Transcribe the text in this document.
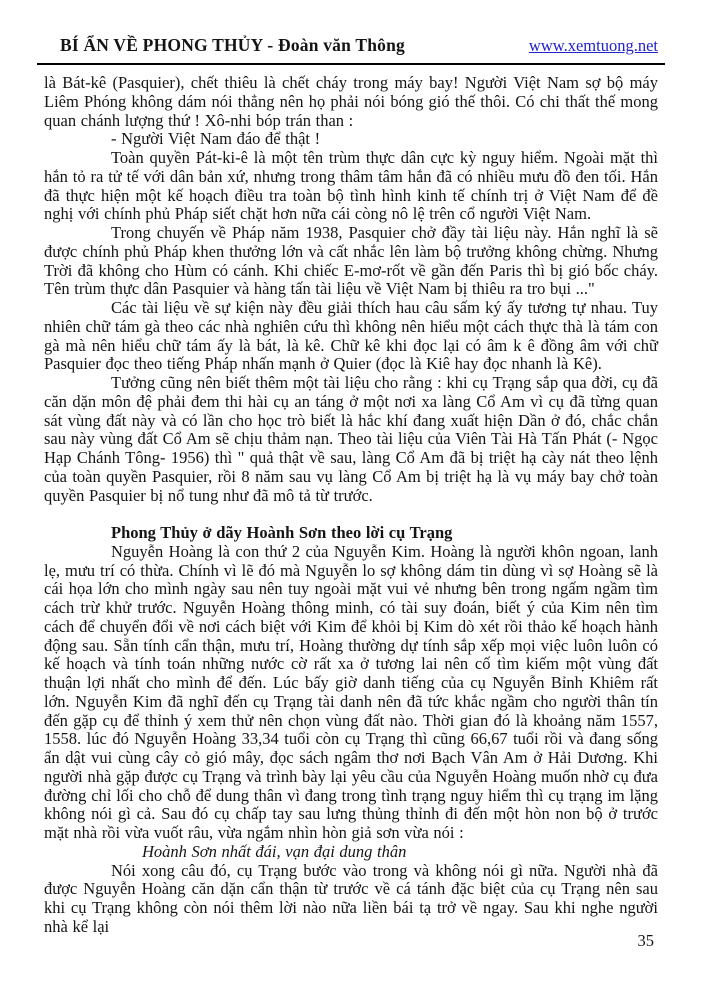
BÍ ẨN VỀ PHONG THỦY - Đoàn văn Thông	www.xemtuong.net

là Bát-kê (Pasquier), chết thiêu là chết cháy trong máy bay! Người Việt Nam sợ bộ máy Liêm Phóng không dám nói thẳng nên họ phải nói bóng gió thế thôi. Có chi thất thế mong quan chánh lượng thứ ! Xô-nhi bóp trán than :

- Người Việt Nam đáo để thật !

Toàn quyền Pát-ki-ê là một tên trùm thực dân cực kỳ nguy hiểm. Ngoài mặt thì hắn tỏ ra tử tế với dân bản xứ, nhưng trong thâm tâm hắn đã có nhiều mưu đồ đen tối. Hắn đã thực hiện một kế hoạch điều tra toàn bộ tình hình kinh tế chính trị ở Việt Nam để đề nghị với chính phủ Pháp siết chặt hơn nữa cái còng nô lệ trên cổ người Việt Nam.

Trong chuyến về Pháp năm 1938, Pasquier chở đầy tài liệu này. Hắn nghĩ là sẽ được chính phủ Pháp khen thưởng lớn và cất nhắc lên làm bộ trưởng không chừng. Nhưng Trời đã không cho Hùm có cánh. Khi chiếc E-mơ-rốt về gần đến Paris thì bị gió bốc cháy. Tên trùm thực dân Pasquier và hàng tấn tài liệu về Việt Nam bị thiêu ra tro bụi ..."

Các tài liệu về sự kiện này đều giải thích hau câu sấm ký ấy tương tự nhau. Tuy nhiên chữ tám gà theo các nhà nghiên cứu thì không nên hiểu một cách thực thà là tám con gà mà nên hiểu chữ tám ấy là bát, là kê. Chữ kê khi đọc lại có âm k ê đồng âm với chữ Pasquier đọc theo tiếng Pháp nhấn mạnh ở Quier (đọc là Kiê hay đọc nhanh là Kê).

Tưởng cũng nên biết thêm một tài liệu cho rằng : khi cụ Trạng sắp qua đời, cụ đã căn dặn môn đệ phải đem thi hài cụ an táng ở một nơi xa làng Cổ Am vì cụ đã từng quan sát vùng đất này và có lần cho học trò biết là hắc khí đang xuất hiện Dần ở đó, chắc chắn sau này vùng đất Cổ Am sẽ chịu thảm nạn. Theo tài liệu của Viên Tài Hà Tấn Phát (- Ngọc Hạp Chánh Tông- 1956) thì " quả thật về sau, làng Cổ Am đã bị triệt hạ cày nát theo lệnh của toàn quyền Pasquier, rồi 8 năm sau vụ làng Cổ Am bị triệt hạ là vụ máy bay chở toàn quyền Pasquier bị nổ tung như đã mô tả từ trước.

Phong Thủy ở dãy Hoành Sơn theo lời cụ Trạng

Nguyễn Hoàng là con thứ 2 của Nguyễn Kim. Hoàng là người khôn ngoan, lanh lẹ, mưu trí có thừa. Chính vì lẽ đó mà Nguyễn lo sợ không dám tin dùng vì sợ Hoàng sẽ là cái họa lớn cho mình ngày sau nên tuy ngoài mặt vui vẻ nhưng bên trong ngấm ngầm tìm cách trừ khử trước. Nguyễn Hoàng thông minh, có tài suy đoán, biết ý của Kim nên tìm cách để chuyển đổi về nơi cách biệt với Kim để khỏi bị Kim dò xét rồi thảo kế hoạch hành động sau. Sẵn tính cẩn thận, mưu trí, Hoàng thường dự tính sắp xếp mọi việc luôn luôn có kế hoạch và tính toán những nước cờ rất xa ở tương lai nên cố tìm kiếm một vùng đất thuận lợi nhất cho mình để đến. Lúc bấy giờ danh tiếng của cụ Nguyễn Bỉnh Khiêm rất lớn. Nguyễn Kim đã nghĩ đến cụ Trạng tài danh nên đã tức khắc ngầm cho người thân tín đến gặp cụ để thỉnh ý xem thử nên chọn vùng đất nào. Thời gian đó là khoảng năm 1557, 1558. lúc đó Nguyễn Hoàng 33,34 tuổi còn cụ Trạng thì cũng 66,67 tuổi rồi và đang sống ẩn dật vui cùng cây cỏ gió mây, đọc sách ngâm thơ nơi Bạch Vân Am ở Hải Dương. Khi người nhà gặp được cụ Trạng và trình bày lại yêu cầu của Nguyễn Hoàng muốn nhờ cụ đưa đường chỉ lối cho chỗ để dung thân vì đang trong tình trạng nguy hiểm thì cụ trạng im lặng không nói gì cả. Sau đó cụ chấp tay sau lưng thủng thỉnh đi đến một hòn non bộ ở trước mặt nhà rồi vừa vuốt râu, vừa ngắm nhìn hòn giả sơn vừa nói :

Hoành Sơn nhất đái, vạn đại dung thân

Nói xong câu đó, cụ Trạng bước vào trong và không nói gì nữa. Người nhà đã được Nguyễn Hoàng căn dặn cẩn thận từ trước về cá tánh đặc biệt của cụ Trạng nên sau khi cụ Trạng không còn nói thêm lời nào nữa liền bái tạ trở về ngay. Sau khi nghe người nhà kể lại

35
